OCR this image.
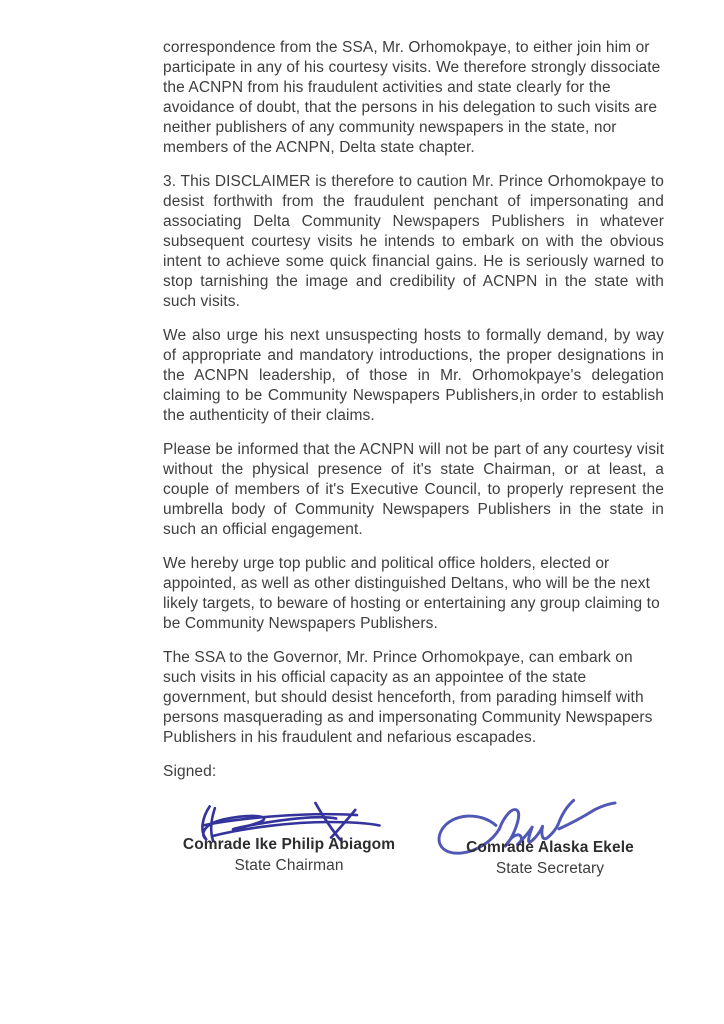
correspondence from the SSA, Mr. Orhomokpaye, to either join him or participate in any of his courtesy visits. We therefore strongly dissociate the ACNPN from his fraudulent activities and state clearly for the avoidance of doubt, that the persons in his delegation to such visits are neither publishers of any community newspapers in the state, nor members of the ACNPN, Delta state chapter.

3. This DISCLAIMER is therefore to caution Mr. Prince Orhomokpaye to desist forthwith from the fraudulent penchant of impersonating and associating Delta Community Newspapers Publishers in whatever subsequent courtesy visits he intends to embark on with the obvious intent to achieve some quick financial gains. He is seriously warned to stop tarnishing the image and credibility of ACNPN in the state with such visits.

We also urge his next unsuspecting hosts to formally demand, by way of appropriate and mandatory introductions, the proper designations in the ACNPN leadership, of those in Mr. Orhomokpaye's delegation claiming to be Community Newspapers Publishers,in order to establish the authenticity of their claims.

Please be informed that the ACNPN will not be part of any courtesy visit without the physical presence of it's state Chairman, or at least, a couple of members of it's Executive Council, to properly represent the umbrella body of Community Newspapers Publishers in the state in such an official engagement.

We hereby urge top public and political office holders, elected or appointed, as well as other distinguished Deltans, who will be the next likely targets, to beware of hosting or entertaining any group claiming to be Community Newspapers Publishers.

The SSA to the Governor, Mr. Prince Orhomokpaye, can embark on such visits in his official capacity as an appointee of the state government, but should desist henceforth, from parading himself with persons masquerading as and impersonating Community Newspapers Publishers in his fraudulent and nefarious escapades.

Signed:

Comrade Ike Philip Abiagom
State Chairman
Comrade Alaska Ekele
State Secretary
